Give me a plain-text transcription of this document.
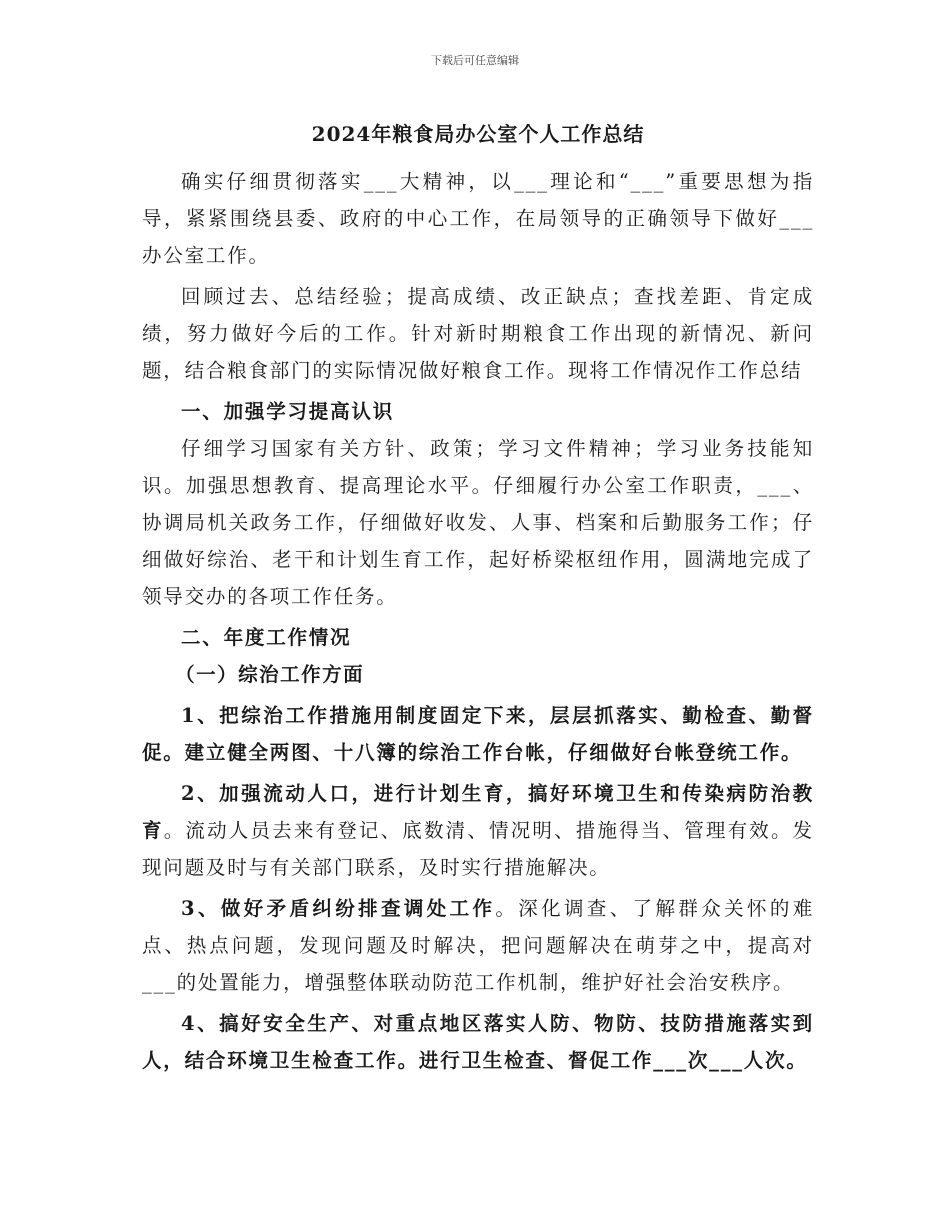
下载后可任意编辑
2024年粮食局办公室个人工作总结

确实仔细贯彻落实___大精神，以___理论和“___”重要思想为指导，紧紧围绕县委、政府的中心工作，在局领导的正确领导下做好___办公室工作。

回顾过去、总结经验；提高成绩、改正缺点；查找差距、肯定成绩，努力做好今后的工作。针对新时期粮食工作出现的新情况、新问题，结合粮食部门的实际情况做好粮食工作。现将工作情况作工作总结

一、加强学习提高认识

仔细学习国家有关方针、政策；学习文件精神；学习业务技能知识。加强思想教育、提高理论水平。仔细履行办公室工作职责，___、协调局机关政务工作，仔细做好收发、人事、档案和后勤服务工作；仔细做好综治、老干和计划生育工作，起好桥梁枢纽作用，圆满地完成了领导交办的各项工作任务。

二、年度工作情况

（一）综治工作方面

1、把综治工作措施用制度固定下来，层层抓落实、勤检查、勤督促。建立健全两图、十八簿的综治工作台帐，仔细做好台帐登统工作。

2、加强流动人口，进行计划生育，搞好环境卫生和传染病防治教育。流动人员去来有登记、底数清、情况明、措施得当、管理有效。发现问题及时与有关部门联系，及时实行措施解决。

3、做好矛盾纠纷排查调处工作。深化调查、了解群众关怀的难点、热点问题，发现问题及时解决，把问题解决在萌芽之中，提高对___的处置能力，增强整体联动防范工作机制，维护好社会治安秩序。

4、搞好安全生产、对重点地区落实人防、物防、技防措施落实到人，结合环境卫生检查工作。进行卫生检查、督促工作___次___人次。
